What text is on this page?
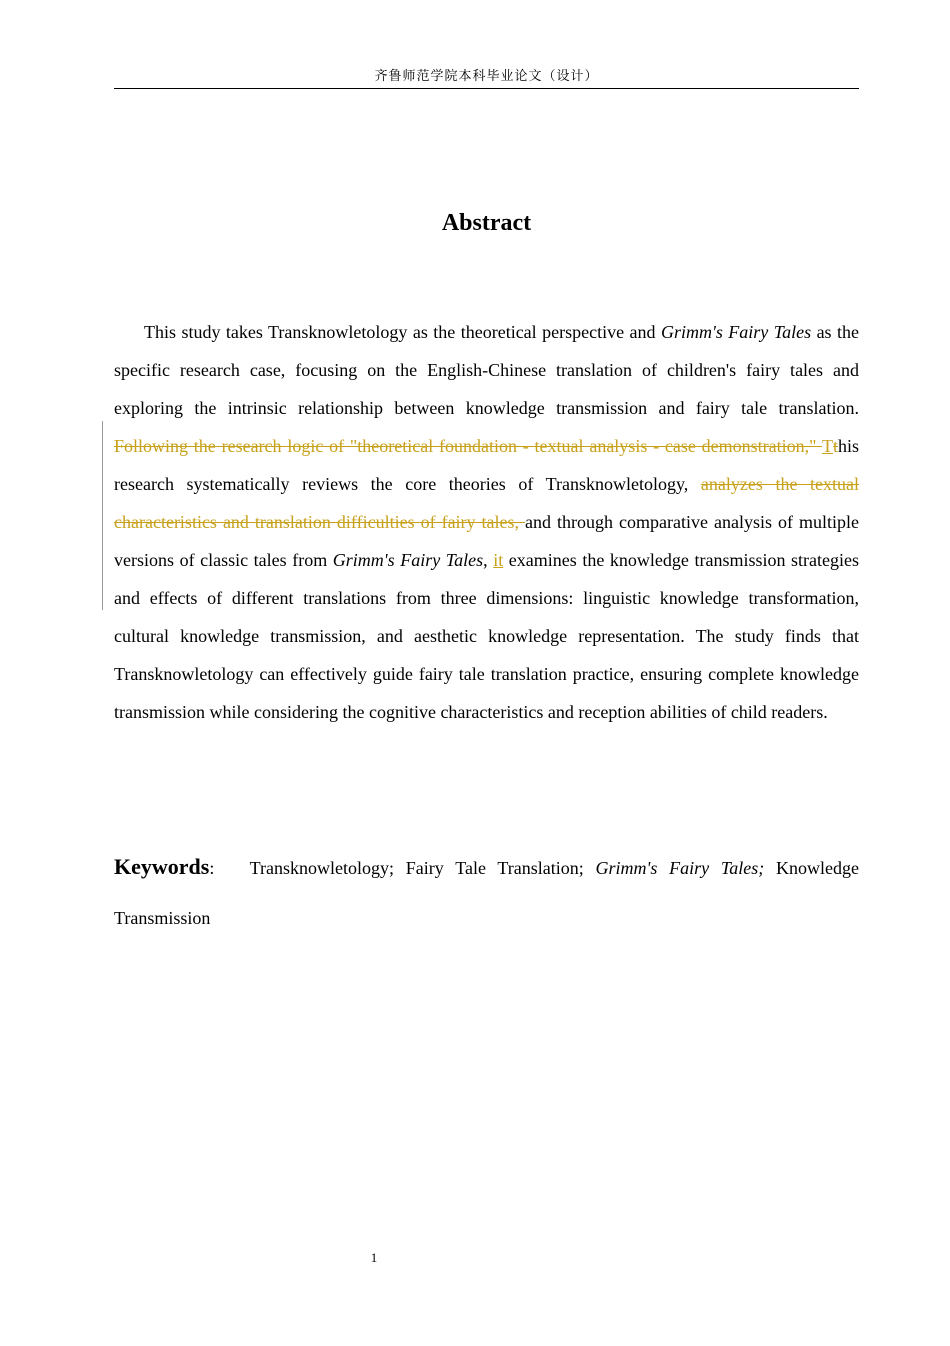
齐鲁师范学院本科毕业论文（设计）
Abstract

This study takes Transknowletology as the theoretical perspective and Grimm's Fairy Tales as the specific research case, focusing on the English-Chinese translation of children's fairy tales and exploring the intrinsic relationship between knowledge transmission and fairy tale translation. Following the research logic of "theoretical foundation - textual analysis - case demonstration," Tthis research systematically reviews the core theories of Transknowletology, analyzes the textual characteristics and translation difficulties of fairy tales, and through comparative analysis of multiple versions of classic tales from Grimm's Fairy Tales, it examines the knowledge transmission strategies and effects of different translations from three dimensions: linguistic knowledge transformation, cultural knowledge transmission, and aesthetic knowledge representation. The study finds that Transknowletology can effectively guide fairy tale translation practice, ensuring complete knowledge transmission while considering the cognitive characteristics and reception abilities of child readers.

Keywords: Transknowletology; Fairy Tale Translation; Grimm's Fairy Tales; Knowledge Transmission

1
